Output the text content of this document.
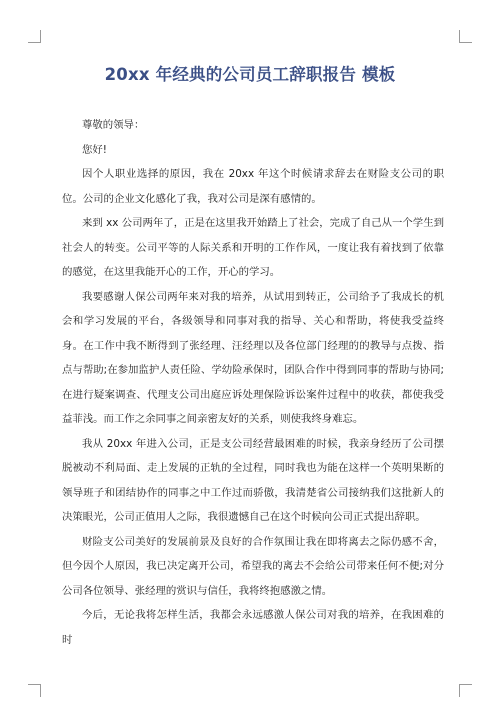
20xx 年经典的公司员工辞职报告 模板

尊敬的领导：

您好!

因个人职业选择的原因，我在 20xx 年这个时候请求辞去在财险支公司的职位。公司的企业文化感化了我，我对公司是深有感情的。

来到 xx 公司两年了，正是在这里我开始踏上了社会，完成了自己从一个学生到社会人的转变。公司平等的人际关系和开明的工作作风，一度让我有着找到了依靠的感觉，在这里我能开心的工作，开心的学习。

我要感谢人保公司两年来对我的培养，从试用到转正，公司给予了我成长的机会和学习发展的平台，各级领导和同事对我的指导、关心和帮助，将使我受益终身。在工作中我不断得到了张经理、汪经理以及各位部门经理的的教导与点拨、指点与帮助;在参加监护人责任险、学幼险承保时，团队合作中得到同事的帮助与协同;在进行疑案调查、代理支公司出庭应诉处理保险诉讼案件过程中的收获，都使我受益菲浅。而工作之余同事之间亲密友好的关系，则使我终身难忘。

我从 20xx 年进入公司，正是支公司经营最困难的时候，我亲身经历了公司摆脱被动不利局面、走上发展的正轨的全过程，同时我也为能在这样一个英明果断的领导班子和团结协作的同事之中工作过而骄傲，我清楚省公司接纳我们这批新人的决策眼光，公司正值用人之际，我很遗憾自己在这个时候向公司正式提出辞职。

财险支公司美好的发展前景及良好的合作氛围让我在即将离去之际仍感不舍，但今因个人原因，我已决定离开公司，希望我的离去不会给公司带来任何不便;对分公司各位领导、张经理的赏识与信任，我将终抱感激之情。

今后，无论我将怎样生活，我都会永远感激人保公司对我的培养，在我困难的时
